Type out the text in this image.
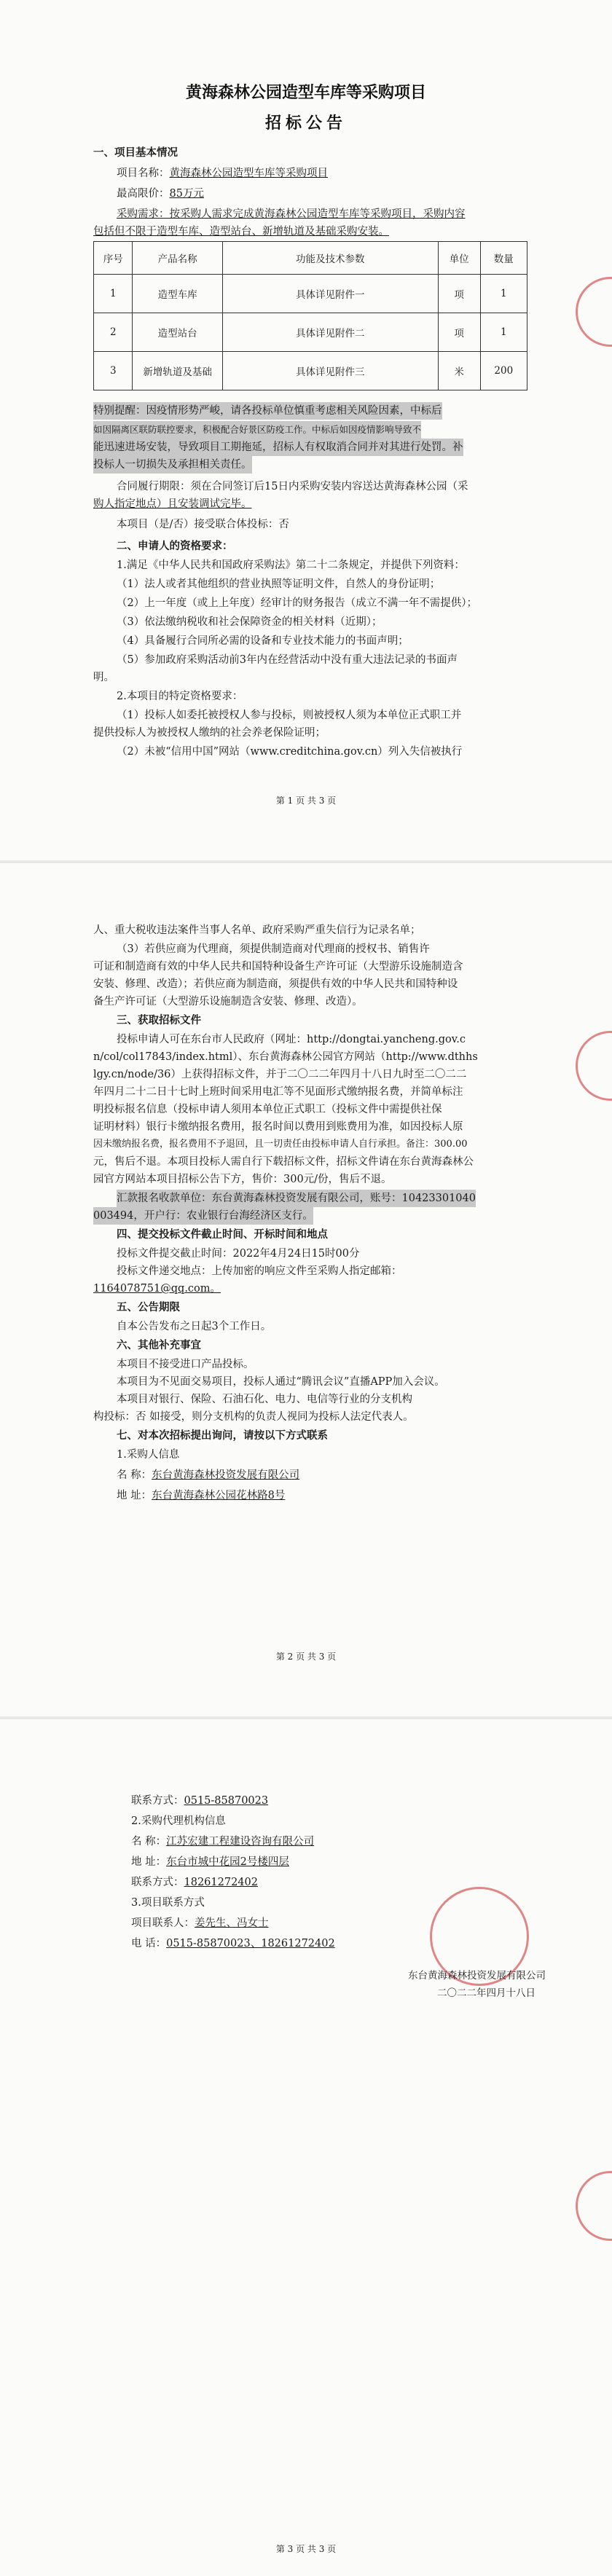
黄海森林公园造型车库等采购项目
招标公告
一、项目基本情况
项目名称：黄海森林公园造型车库等采购项目
最高限价：85万元
采购需求：按采购人需求完成黄海森林公园造型车库等采购项目，采购内容
包括但不限于造型车库、造型站台、新增轨道及基础采购安装。
序号	产品名称	功能及技术参数	单位	数量
1	造型车库	具体详见附件一	项	1
2	造型站台	具体详见附件二	项	1
3	新增轨道及基础	具体详见附件三	米	200
特别提醒：因疫情形势严峻，请各投标单位慎重考虑相关风险因素，中标后
如因隔离区联防联控要求，积极配合好景区防疫工作。中标后如因疫情影响导致不
能迅速进场安装，导致项目工期拖延，招标人有权取消合同并对其进行处罚。补
投标人一切损失及承担相关责任。
合同履行期限：须在合同签订后15日内采购安装内容送达黄海森林公园（采
购人指定地点）且安装调试完毕。
本项目（是/否）接受联合体投标：否
二、申请人的资格要求：
1.满足《中华人民共和国政府采购法》第二十二条规定，并提供下列资料：
（1）法人或者其他组织的营业执照等证明文件，自然人的身份证明；
（2）上一年度（或上上年度）经审计的财务报告（成立不满一年不需提供）；
（3）依法缴纳税收和社会保障资金的相关材料（近期）；
（4）具备履行合同所必需的设备和专业技术能力的书面声明；
（5）参加政府采购活动前3年内在经营活动中没有重大违法记录的书面声
明。
2.本项目的特定资格要求：
（1）投标人如委托被授权人参与投标，则被授权人须为本单位正式职工并
提供投标人为被授权人缴纳的社会养老保险证明；
（2）未被“信用中国”网站（www.creditchina.gov.cn）列入失信被执行
第 1 页 共 3 页
人、重大税收违法案件当事人名单、政府采购严重失信行为记录名单；
（3）若供应商为代理商，须提供制造商对代理商的授权书、销售许
可证和制造商有效的中华人民共和国特种设备生产许可证（大型游乐设施制造含
安装、修理、改造）；若供应商为制造商，须提供有效的中华人民共和国特种设
备生产许可证（大型游乐设施制造含安装、修理、改造）。
三、获取招标文件
投标申请人可在东台市人民政府（网址：http://dongtai.yancheng.gov.c
n/col/col17843/index.html）、东台黄海森林公园官方网站（http://www.dthhs
lgy.cn/node/36）上获得招标文件，并于二〇二二年四月十八日九时至二〇二二
年四月二十二日十七时上班时间采用电汇等不见面形式缴纳报名费，并简单标注
明投标报名信息（投标申请人须用本单位正式职工（投标文件中需提供社保
证明材料）银行卡缴纳报名费用，报名时间以费用到账费用为准，如因投标人原
因未缴纳报名费，报名费用不予退回，且一切责任由投标申请人自行承担。备注：300.00
元，售后不退。本项目投标人需自行下载招标文件，招标文件请在东台黄海森林公
园官方网站本项目招标公告下方，售价：300元/份，售后不退。
汇款报名收款单位：东台黄海森林投资发展有限公司，账号：10423301040
003494，开户行：农业银行台海经济区支行。
四、提交投标文件截止时间、开标时间和地点
投标文件提交截止时间：2022年4月24日15时00分
投标文件递交地点：上传加密的响应文件至采购人指定邮箱：
1164078751@qq.com。
五、公告期限
自本公告发布之日起3个工作日。
六、其他补充事宜
本项目不接受进口产品投标。
本项目为不见面交易项目，投标人通过“腾讯会议”直播APP加入会议。
本项目对银行、保险、石油石化、电力、电信等行业的分支机构
构投标：否 如接受，则分支机构的负责人视同为投标人法定代表人。
七、对本次招标提出询问，请按以下方式联系
1.采购人信息
名 称：东台黄海森林投资发展有限公司
地 址：东台黄海森林公园花林路8号
第 2 页 共 3 页
联系方式：0515-85870023
2.采购代理机构信息
名 称：江苏宏建工程建设咨询有限公司
地 址：东台市城中花园2号楼四层
联系方式：18261272402
3.项目联系方式
项目联系人：姜先生、冯女士
电 话：0515-85870023、18261272402
东台黄海森林投资发展有限公司
二〇二二年四月十八日
第 3 页 共 3 页
